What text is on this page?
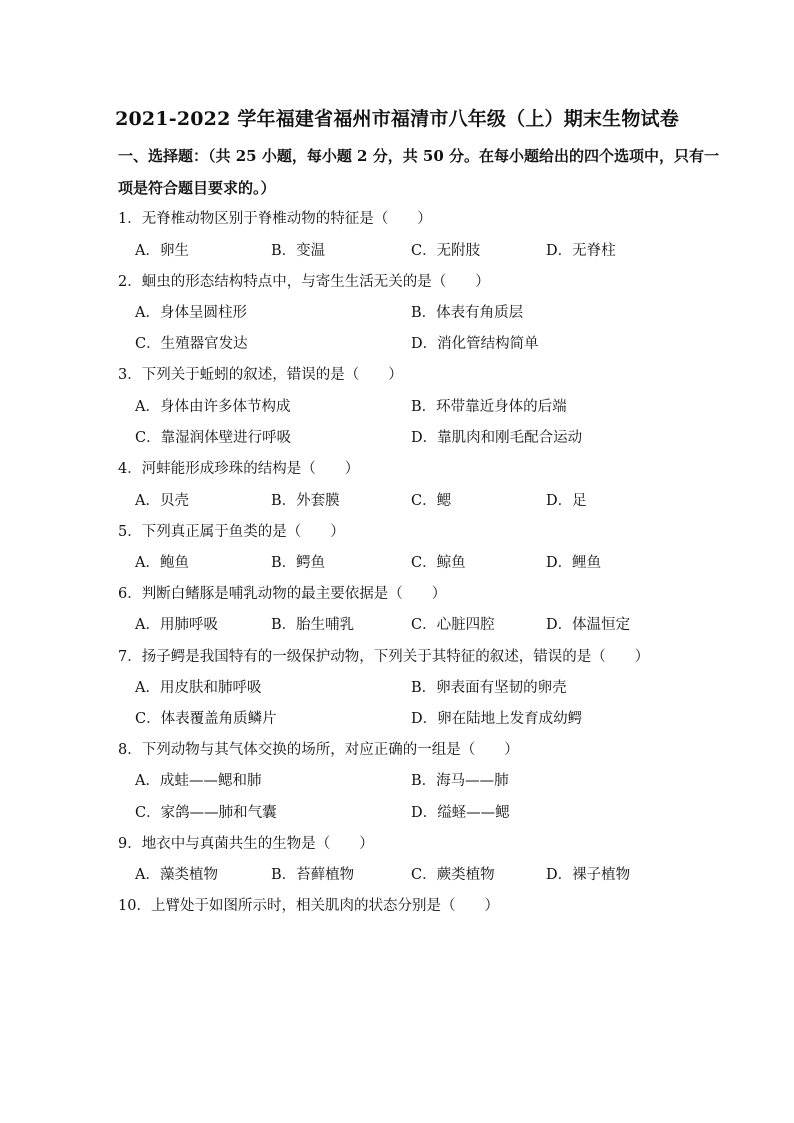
2021-2022 学年福建省福州市福清市八年级（上）期末生物试卷
一、选择题：（共 25 小题，每小题 2 分，共 50 分。在每小题给出的四个选项中，只有一
项是符合题目要求的。）
1．无脊椎动物区别于脊椎动物的特征是（　　）
A．卵生	B．变温	C．无附肢	D．无脊柱
2．蛔虫的形态结构特点中，与寄生生活无关的是（　　）
A．身体呈圆柱形	B．体表有角质层
C．生殖器官发达	D．消化管结构简单
3．下列关于蚯蚓的叙述，错误的是（　　）
A．身体由许多体节构成	B．环带靠近身体的后端
C．靠湿润体壁进行呼吸	D．靠肌肉和刚毛配合运动
4．河蚌能形成珍珠的结构是（　　）
A．贝壳	B．外套膜	C．鳃	D．足
5．下列真正属于鱼类的是（　　）
A．鲍鱼	B．鳄鱼	C．鲸鱼	D．鲤鱼
6．判断白鳍豚是哺乳动物的最主要依据是（　　）
A．用肺呼吸	B．胎生哺乳	C．心脏四腔	D．体温恒定
7．扬子鳄是我国特有的一级保护动物，下列关于其特征的叙述，错误的是（　　）
A．用皮肤和肺呼吸	B．卵表面有坚韧的卵壳
C．体表覆盖角质鳞片	D．卵在陆地上发育成幼鳄
8．下列动物与其气体交换的场所，对应正确的一组是（　　）
A．成蛙——鳃和肺	B．海马——肺
C．家鸽——肺和气囊	D．缢蛏——鳃
9．地衣中与真菌共生的生物是（　　）
A．藻类植物	B．苔藓植物	C．蕨类植物	D．裸子植物
10．上臂处于如图所示时，相关肌肉的状态分别是（　　）
